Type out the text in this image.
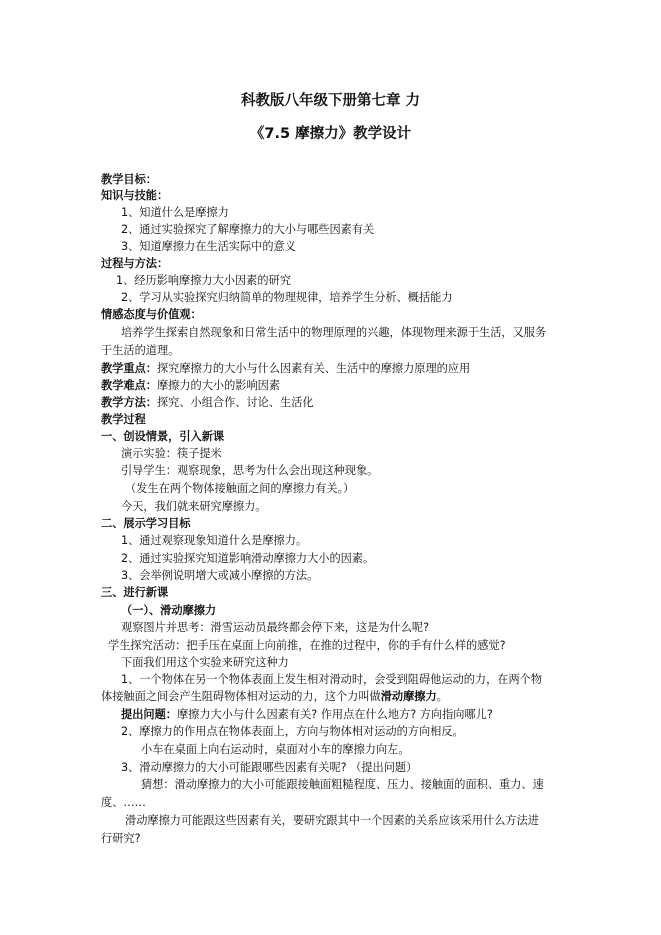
科教版八年级下册第七章 力
《7.5 摩擦力》教学设计
教学目标：
知识与技能：
1、知道什么是摩擦力
2、通过实验探究了解摩擦力的大小与哪些因素有关
3、知道摩擦力在生活实际中的意义
过程与方法：
1、经历影响摩擦力大小因素的研究
2、学习从实验探究归纳简单的物理规律，培养学生分析、概括能力
情感态度与价值观：
培养学生探索自然现象和日常生活中的物理原理的兴趣，体现物理来源于生活，又服务
于生活的道理。
教学重点：探究摩擦力的大小与什么因素有关、生活中的摩擦力原理的应用
教学难点：摩擦力的大小的影响因素
教学方法：探究、小组合作、讨论、生活化
教学过程
一、创设情景，引入新课
演示实验：筷子提米
引导学生：观察现象，思考为什么会出现这种现象。
（发生在两个物体接触面之间的摩擦力有关。）
今天，我们就来研究摩擦力。
二、展示学习目标
1、通过观察现象知道什么是摩擦力。
2、通过实验探究知道影响滑动摩擦力大小的因素。
3、会举例说明增大或减小摩擦的方法。
三、进行新课
（一）、滑动摩擦力
观察图片并思考：滑雪运动员最终都会停下来，这是为什么呢?
学生探究活动：把手压在桌面上向前推，在推的过程中，你的手有什么样的感觉?
下面我们用这个实验来研究这种力
1、一个物体在另一个物体表面上发生相对滑动时，会受到阻碍他运动的力，在两个物
体接触面之间会产生阻碍物体相对运动的力，这个力叫做滑动摩擦力。
提出问题：摩擦力大小与什么因素有关? 作用点在什么地方? 方向指向哪儿?
2、摩擦力的作用点在物体表面上，方向与物体相对运动的方向相反。
小车在桌面上向右运动时，桌面对小车的摩擦力向左。
3、滑动摩擦力的大小可能跟哪些因素有关呢? （提出问题）
猜想：滑动摩擦力的大小可能跟接触面粗糙程度、压力、接触面的面积、重力、速
度、……
滑动摩擦力可能跟这些因素有关，要研究跟其中一个因素的关系应该采用什么方法进
行研究?
